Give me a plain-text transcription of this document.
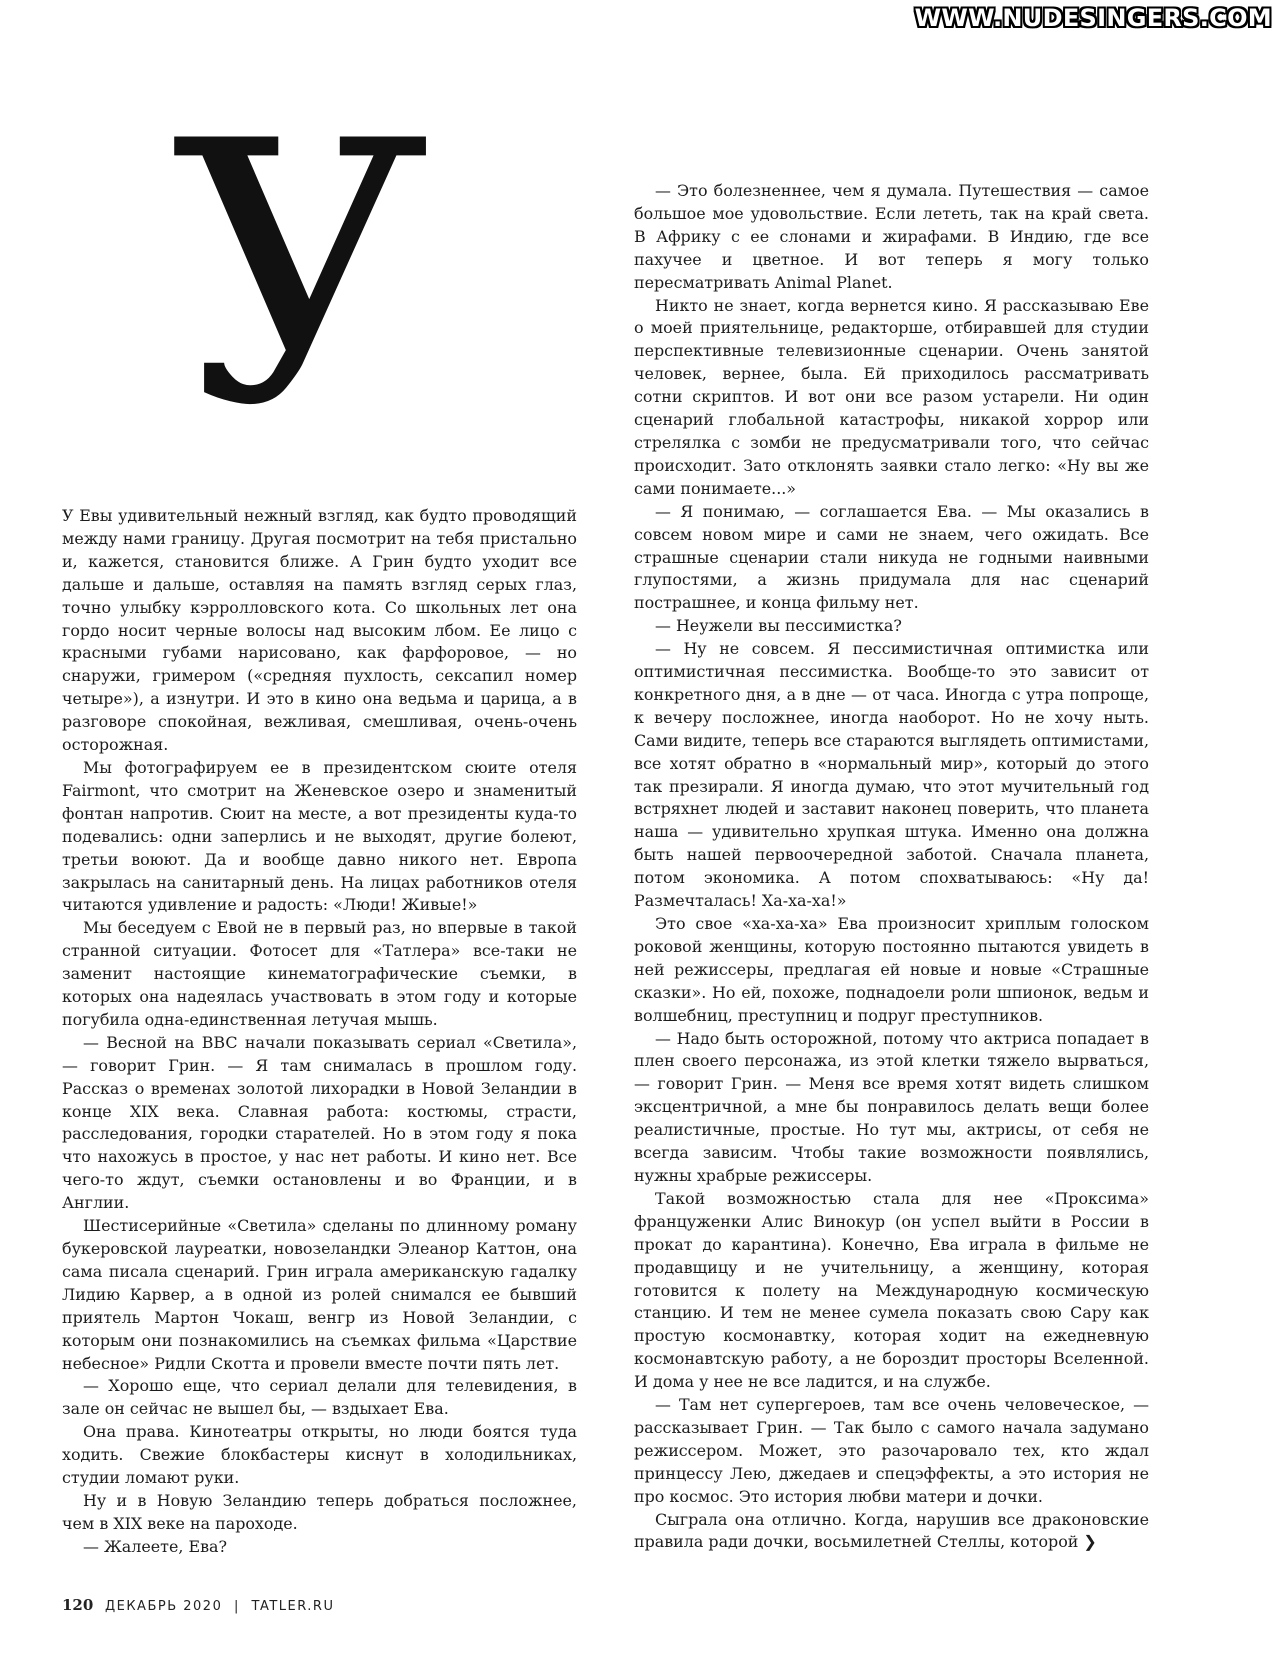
WWW.NUDESINGERS.COM
У

У Евы удивительный нежный взгляд, как будто проводящий между нами границу. Другая посмотрит на тебя пристально и, кажется, становится ближе. А Грин будто уходит все дальше и дальше, оставляя на память взгляд серых глаз, точно улыбку кэрролловского кота. Со школьных лет она гордо носит черные волосы над высоким лбом. Ее лицо с красными губами нарисовано, как фарфоровое, — но снаружи, гримером («средняя пухлость, сексапил номер четыре»), а изнутри. И это в кино она ведьма и царица, а в разговоре спокойная, вежливая, смешливая, очень-очень осторожная.

Мы фотографируем ее в президентском сюите отеля Fairmont, что смотрит на Женевское озеро и знаменитый фонтан напротив. Сюит на месте, а вот президенты куда-то подевались: одни заперлись и не выходят, другие болеют, третьи воюют. Да и вообще давно никого нет. Европа закрылась на санитарный день. На лицах работников отеля читаются удивление и радость: «Люди! Живые!»

Мы беседуем с Евой не в первый раз, но впервые в такой странной ситуации. Фотосет для «Татлера» все-таки не заменит настоящие кинематографические съемки, в которых она надеялась участвовать в этом году и которые погубила одна-единственная летучая мышь.

— Весной на BBC начали показывать сериал «Светила», — говорит Грин. — Я там снималась в прошлом году. Рассказ о временах золотой лихорадки в Новой Зеландии в конце XIX века. Славная работа: костюмы, страсти, расследования, городки старателей. Но в этом году я пока что нахожусь в простое, у нас нет работы. И кино нет. Все чего-то ждут, съемки остановлены и во Франции, и в Англии.

Шестисерийные «Светила» сделаны по длинному роману букеровской лауреатки, новозеландки Элеанор Каттон, она сама писала сценарий. Грин играла американскую гадалку Лидию Карвер, а в одной из ролей снимался ее бывший приятель Мартон Чокаш, венгр из Новой Зеландии, с которым они познакомились на съемках фильма «Царствие небесное» Ридли Скотта и провели вместе почти пять лет.

— Хорошо еще, что сериал делали для телевидения, в зале он сейчас не вышел бы, — вздыхает Ева.

Она права. Кинотеатры открыты, но люди боятся туда ходить. Свежие блокбастеры киснут в холодильниках, студии ломают руки.

Ну и в Новую Зеландию теперь добраться посложнее, чем в XIX веке на пароходе.

— Жалеете, Ева?

— Это болезненнее, чем я думала. Путешествия — самое большое мое удовольствие. Если лететь, так на край света. В Африку с ее слонами и жирафами. В Индию, где все пахучее и цветное. И вот теперь я могу только пересматривать Animal Planet.

Никто не знает, когда вернется кино. Я рассказываю Еве о моей приятельнице, редакторше, отбиравшей для студии перспективные телевизионные сценарии. Очень занятой человек, вернее, была. Ей приходилось рассматривать сотни скриптов. И вот они все разом устарели. Ни один сценарий глобальной катастрофы, никакой хоррор или стрелялка с зомби не предусматривали того, что сейчас происходит. Зато отклонять заявки стало легко: «Ну вы же сами понимаете...»

— Я понимаю, — соглашается Ева. — Мы оказались в совсем новом мире и сами не знаем, чего ожидать. Все страшные сценарии стали никуда не годными наивными глупостями, а жизнь придумала для нас сценарий пострашнее, и концa фильму нет.

— Неужели вы пессимистка?

— Ну не совсем. Я пессимистичная оптимистка или оптимистичная пессимистка. Вообще-то это зависит от конкретного дня, а в дне — от часа. Иногда с утра попроще, к вечеру посложнее, иногда наоборот. Но не хочу ныть. Сами видите, теперь все стараются выглядеть оптимистами, все хотят обратно в «нормальный мир», который до этого так презирали. Я иногда думаю, что этот мучительный год встряхнет людей и заставит наконец поверить, что планета наша — удивительно хрупкая штука. Именно она должна быть нашей первоочередной заботой. Сначала планета, потом экономика. А потом спохватываюсь: «Ну да! Размечталась! Ха-ха-ха!»

Это свое «ха-ха-ха» Ева произносит хриплым голоском роковой женщины, которую постоянно пытаются увидеть в ней режиссеры, предлагая ей новые и новые «Страшные сказки». Но ей, похоже, поднадоели роли шпионок, ведьм и волшебниц, преступниц и подруг преступников.

— Надо быть осторожной, потому что актриса попадает в плен своего персонажа, из этой клетки тяжело вырваться, — говорит Грин. — Меня все время хотят видеть слишком эксцентричной, а мне бы понравилось делать вещи более реалистичные, простые. Но тут мы, актрисы, от себя не всегда зависим. Чтобы такие возможности появлялись, нужны храбрые режиссеры.

Такой возможностью стала для нее «Проксима» француженки Алис Винокур (он успел выйти в России в прокат до карантина). Конечно, Ева играла в фильме не продавщицу и не учительницу, а женщину, которая готовится к полету на Международную космическую станцию. И тем не менее сумела показать свою Сару как простую космонавтку, которая ходит на ежедневную космонавтскую работу, а не бороздит просторы Вселенной. И дома у нее не все ладится, и на службе.

— Там нет супергероев, там все очень человеческое, — рассказывает Грин. — Так было с самого начала задумано режиссером. Может, это разочаровало тех, кто ждал принцессу Лею, джедаев и спецэффекты, а это история не про космос. Это история любви матери и дочки.

Сыграла она отлично. Когда, нарушив все драконовские правила ради дочки, восьмилетней Стеллы, которой ❯

120 ДЕКАБРЬ 2020 | TATLER.RU
